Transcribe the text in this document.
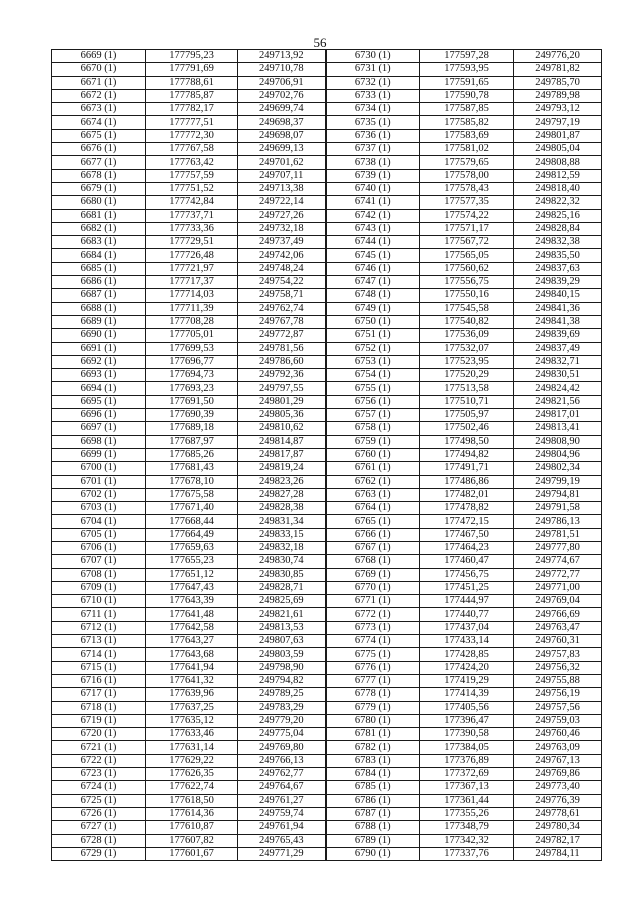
56
6669 (1)	177795,23	249713,92	6730 (1)	177597,28	249776,20
6670 (1)	177791,69	249710,78	6731 (1)	177593,95	249781,82
6671 (1)	177788,61	249706,91	6732 (1)	177591,65	249785,70
6672 (1)	177785,87	249702,76	6733 (1)	177590,78	249789,98
6673 (1)	177782,17	249699,74	6734 (1)	177587,85	249793,12
6674 (1)	177777,51	249698,37	6735 (1)	177585,82	249797,19
6675 (1)	177772,30	249698,07	6736 (1)	177583,69	249801,87
6676 (1)	177767,58	249699,13	6737 (1)	177581,02	249805,04
6677 (1)	177763,42	249701,62	6738 (1)	177579,65	249808,88
6678 (1)	177757,59	249707,11	6739 (1)	177578,00	249812,59
6679 (1)	177751,52	249713,38	6740 (1)	177578,43	249818,40
6680 (1)	177742,84	249722,14	6741 (1)	177577,35	249822,32
6681 (1)	177737,71	249727,26	6742 (1)	177574,22	249825,16
6682 (1)	177733,36	249732,18	6743 (1)	177571,17	249828,84
6683 (1)	177729,51	249737,49	6744 (1)	177567,72	249832,38
6684 (1)	177726,48	249742,06	6745 (1)	177565,05	249835,50
6685 (1)	177721,97	249748,24	6746 (1)	177560,62	249837,63
6686 (1)	177717,37	249754,22	6747 (1)	177556,75	249839,29
6687 (1)	177714,03	249758,71	6748 (1)	177550,16	249840,15
6688 (1)	177711,39	249762,74	6749 (1)	177545,58	249841,36
6689 (1)	177708,28	249767,78	6750 (1)	177540,82	249841,38
6690 (1)	177705,01	249772,87	6751 (1)	177536,09	249839,69
6691 (1)	177699,53	249781,56	6752 (1)	177532,07	249837,49
6692 (1)	177696,77	249786,60	6753 (1)	177523,95	249832,71
6693 (1)	177694,73	249792,36	6754 (1)	177520,29	249830,51
6694 (1)	177693,23	249797,55	6755 (1)	177513,58	249824,42
6695 (1)	177691,50	249801,29	6756 (1)	177510,71	249821,56
6696 (1)	177690,39	249805,36	6757 (1)	177505,97	249817,01
6697 (1)	177689,18	249810,62	6758 (1)	177502,46	249813,41
6698 (1)	177687,97	249814,87	6759 (1)	177498,50	249808,90
6699 (1)	177685,26	249817,87	6760 (1)	177494,82	249804,96
6700 (1)	177681,43	249819,24	6761 (1)	177491,71	249802,34
6701 (1)	177678,10	249823,26	6762 (1)	177486,86	249799,19
6702 (1)	177675,58	249827,28	6763 (1)	177482,01	249794,81
6703 (1)	177671,40	249828,38	6764 (1)	177478,82	249791,58
6704 (1)	177668,44	249831,34	6765 (1)	177472,15	249786,13
6705 (1)	177664,49	249833,15	6766 (1)	177467,50	249781,51
6706 (1)	177659,63	249832,18	6767 (1)	177464,23	249777,80
6707 (1)	177655,23	249830,74	6768 (1)	177460,47	249774,67
6708 (1)	177651,12	249830,85	6769 (1)	177456,75	249772,77
6709 (1)	177647,43	249828,71	6770 (1)	177451,25	249771,00
6710 (1)	177643,39	249825,69	6771 (1)	177444,97	249769,04
6711 (1)	177641,48	249821,61	6772 (1)	177440,77	249766,69
6712 (1)	177642,58	249813,53	6773 (1)	177437,04	249763,47
6713 (1)	177643,27	249807,63	6774 (1)	177433,14	249760,31
6714 (1)	177643,68	249803,59	6775 (1)	177428,85	249757,83
6715 (1)	177641,94	249798,90	6776 (1)	177424,20	249756,32
6716 (1)	177641,32	249794,82	6777 (1)	177419,29	249755,88
6717 (1)	177639,96	249789,25	6778 (1)	177414,39	249756,19
6718 (1)	177637,25	249783,29	6779 (1)	177405,56	249757,56
6719 (1)	177635,12	249779,20	6780 (1)	177396,47	249759,03
6720 (1)	177633,46	249775,04	6781 (1)	177390,58	249760,46
6721 (1)	177631,14	249769,80	6782 (1)	177384,05	249763,09
6722 (1)	177629,22	249766,13	6783 (1)	177376,89	249767,13
6723 (1)	177626,35	249762,77	6784 (1)	177372,69	249769,86
6724 (1)	177622,74	249764,67	6785 (1)	177367,13	249773,40
6725 (1)	177618,50	249761,27	6786 (1)	177361,44	249776,39
6726 (1)	177614,36	249759,74	6787 (1)	177355,26	249778,61
6727 (1)	177610,87	249761,94	6788 (1)	177348,79	249780,34
6728 (1)	177607,82	249765,43	6789 (1)	177342,32	249782,17
6729 (1)	177601,67	249771,29	6790 (1)	177337,76	249784,11
